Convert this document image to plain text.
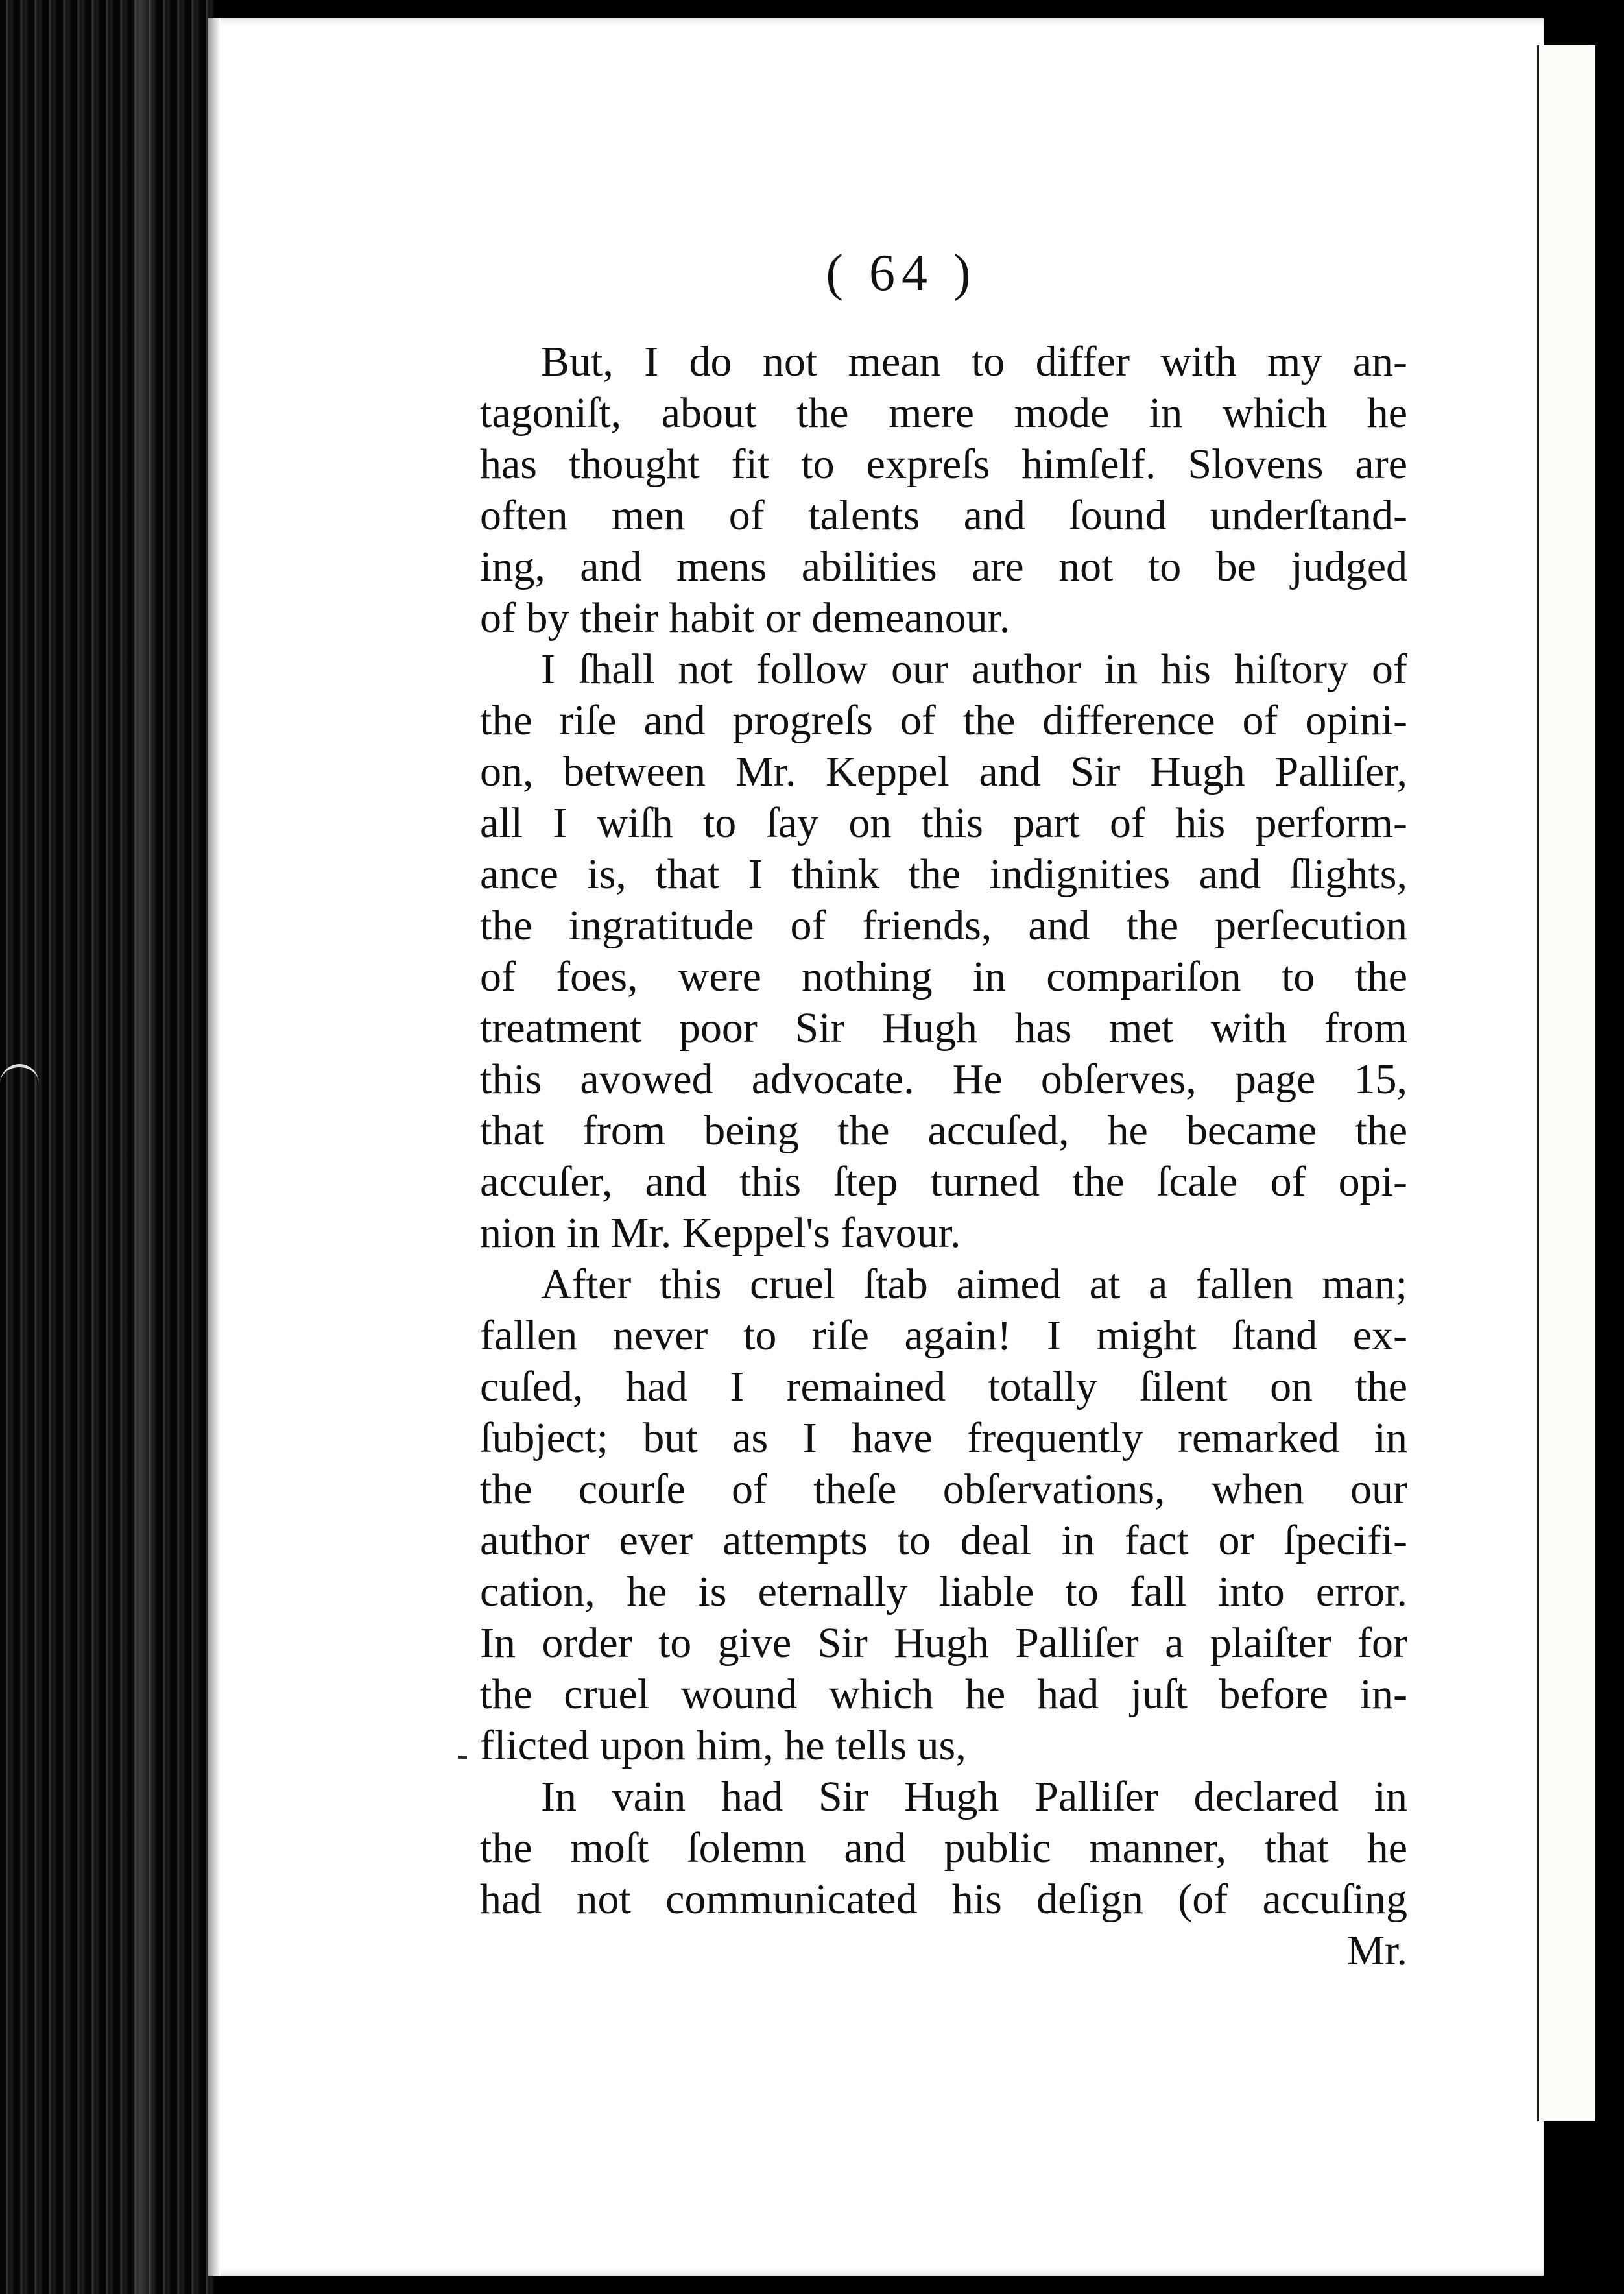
( 64 )
But, I do not mean to differ with my an-
tagoniſt, about the mere mode in which he
has thought fit to expreſs himſelf. Slovens are
often men of talents and ſound underſtand-
ing, and mens abilities are not to be judged
of by their habit or demeanour.
I ſhall not follow our author in his hiſtory of
the riſe and progreſs of the difference of opini-
on, between Mr. Keppel and Sir Hugh Palliſer,
all I wiſh to ſay on this part of his perform-
ance is, that I think the indignities and ſlights,
the ingratitude of friends, and the perſecution
of foes, were nothing in compariſon to the
treatment poor Sir Hugh has met with from
this avowed advocate. He obſerves, page 15,
that from being the accuſed, he became the
accuſer, and this ſtep turned the ſcale of opi-
nion in Mr. Keppel's favour.
After this cruel ſtab aimed at a fallen man;
fallen never to riſe again! I might ſtand ex-
cuſed, had I remained totally ſilent on the
ſubject; but as I have frequently remarked in
the courſe of theſe obſervations, when our
author ever attempts to deal in fact or ſpecifi-
cation, he is eternally liable to fall into error.
In order to give Sir Hugh Palliſer a plaiſter for
the cruel wound which he had juſt before in-
flicted upon him, he tells us,
In vain had Sir Hugh Palliſer declared in
the moſt ſolemn and public manner, that he
had not communicated his deſign (of accuſing
Mr.
